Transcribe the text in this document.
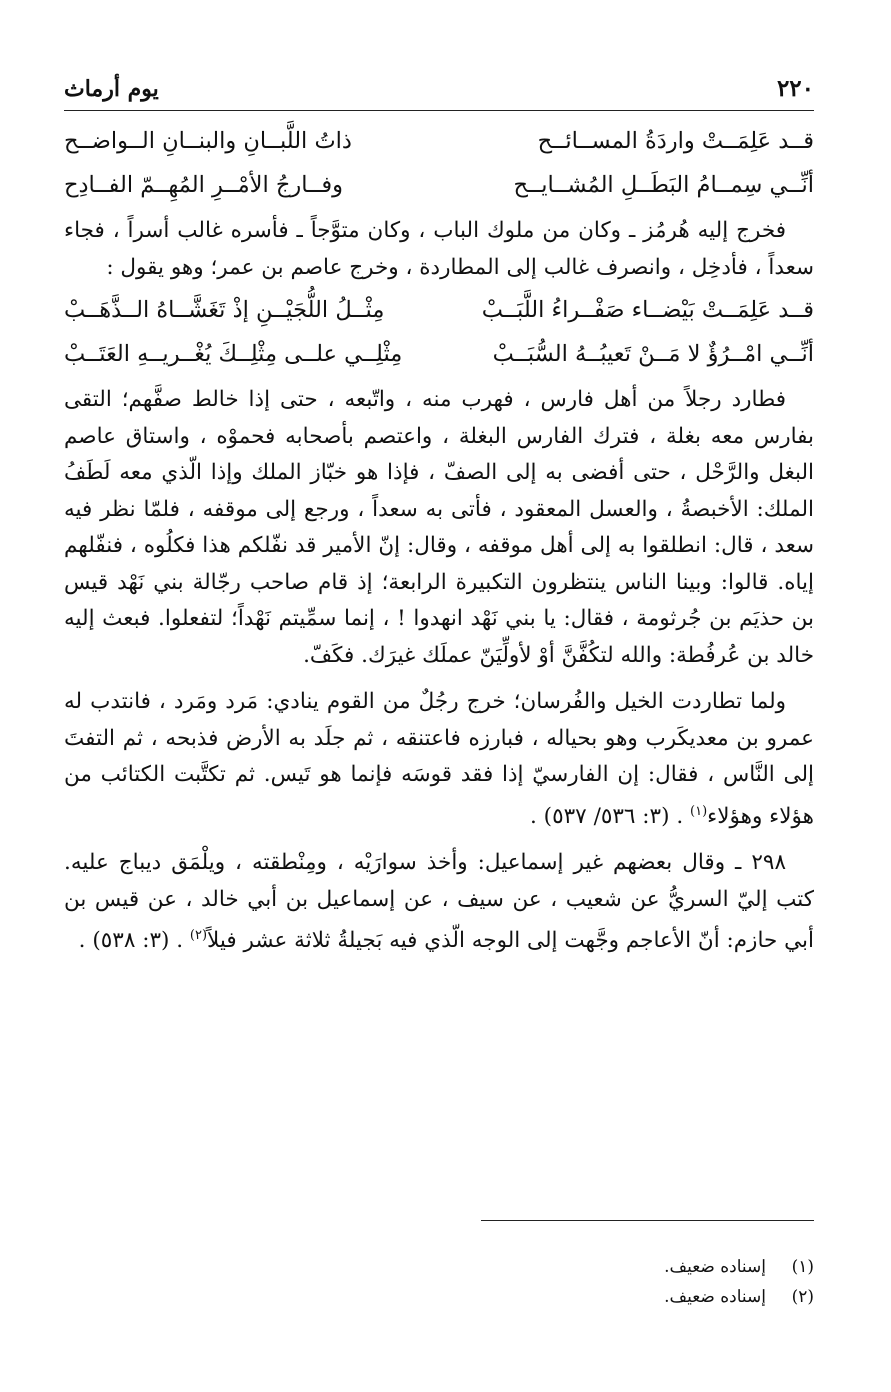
٢٢٠
يوم أرماث
قــد عَلِمَــتْ واردَةُ المســائــح
ذاتُ اللَّبــانِ والبنــانِ الــواضــح
أنِّــي سِمــامُ البَطَــلِ المُشــايــح
وفــارجُ الأمْــرِ المُهِــمّ الفــادِح

فخرج إليه هُرمُز ـ وكان من ملوك الباب ، وكان متوَّجاً ـ فأسره غالب أسراً ، فجاء سعداً ، فأدخِل ، وانصرف غالب إلى المطاردة ، وخرج عاصم بن عمر؛ وهو يقول :

قــد عَلِمَــتْ بَيْضــاء صَفْــراءُ اللَّبَــبْ
مِثْــلُ اللُّجَيْــنِ إذْ تَغَشَّــاهُ الــذَّهَــبْ
أنِّــي امْــرُؤٌ لا مَــنْ تَعيبُــهُ السُّبَــبْ
مِثْلِــي علــى مِثْلِــكَ يُغْــريــهِ العَتَــبْ

فطارد رجلاً من أهل فارس ، فهرب منه ، واتّبعه ، حتى إذا خالط صفَّهم؛ التقى بفارس معه بغلة ، فترك الفارس البغلة ، واعتصم بأصحابه فحموْه ، واستاق عاصم البغل والرَّحْل ، حتى أفضى به إلى الصفّ ، فإذا هو خبّاز الملك وإذا الّذي معه لَطَفُ الملك: الأخبصةُ ، والعسل المعقود ، فأتى به سعداً ، ورجع إلى موقفه ، فلمّا نظر فيه سعد ، قال: انطلقوا به إلى أهل موقفه ، وقال: إنّ الأمير قد نفّلكم هذا فكلُوه ، فنفّلهم إياه. قالوا: وبينا الناس ينتظرون التكبيرة الرابعة؛ إذ قام صاحب رجّالة بني نَهْد قيس بن حذيَم بن جُرثومة ، فقال: يا بني نَهْد انهدوا ! ، إنما سمِّيتم نَهْداً؛ لتفعلوا. فبعث إليه خالد بن عُرفُطة: والله لتكُفَّنَّ أوْ لأولِّيَنّ عملَك غيرَك. فكَفّ.

ولما تطاردت الخيل والفُرسان؛ خرج رجُلٌ من القوم ينادي: مَرد ومَرد ، فانتدب له عمرو بن معديكَرب وهو بحياله ، فبارزه فاعتنقه ، ثم جلَد به الأرض فذبحه ، ثم التفتَ إلى النَّاس ، فقال: إن الفارسيّ إذا فقد قوسَه فإنما هو تَيس. ثم تكتَّبت الكتائب من هؤلاء وهؤلاء$^{(١)}$ . (٣: ٥٣٦/ ٥٣٧) .

٢٩٨ ـ وقال بعضهم غير إسماعيل: وأخذ سوارَيْه ، ومِنْطقته ، ويلْمَق ديباج عليه. كتب إليّ السريُّ عن شعيب ، عن سيف ، عن إسماعيل بن أبي خالد ، عن قيس بن أبي حازم: أنّ الأعاجم وجَّهت إلى الوجه الّذي فيه بَجيلةُ ثلاثة عشر فيلاً$^{(٢)}$ . (٣: ٥٣٨) .

(١)
إسناده ضعيف.
(٢)
إسناده ضعيف.
